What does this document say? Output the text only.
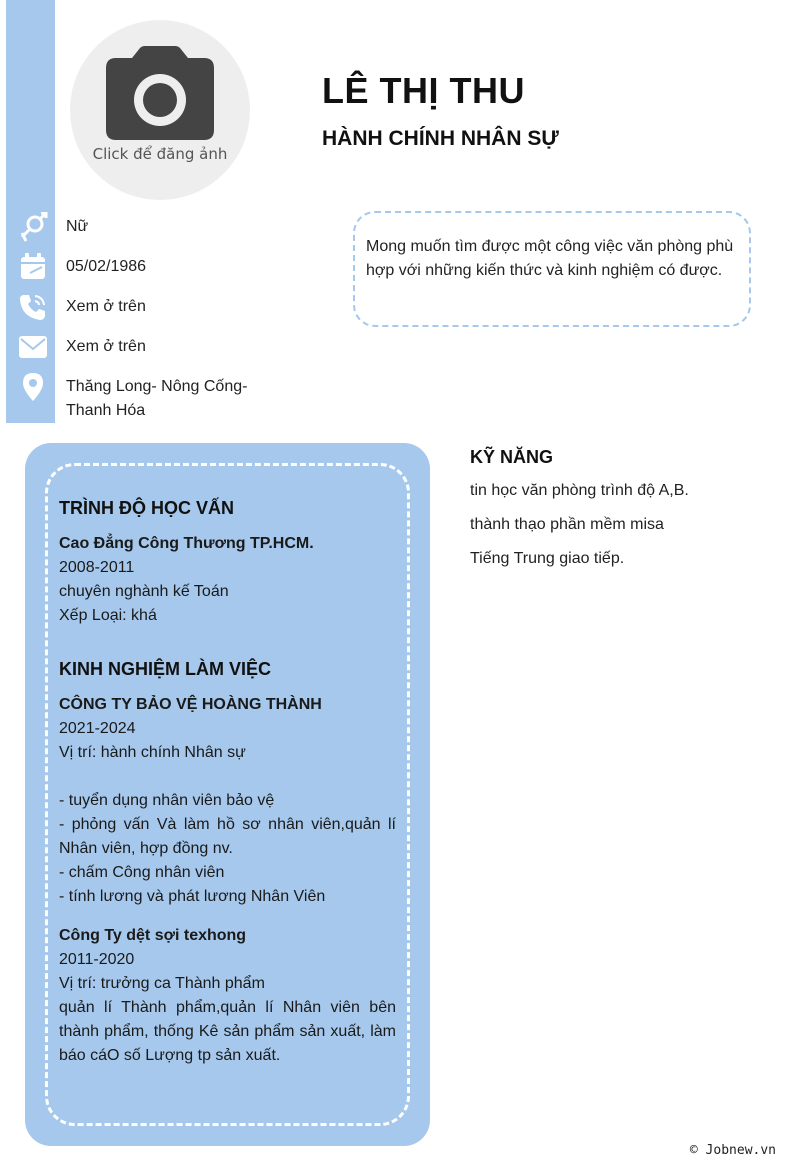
Click để đăng ảnh
LÊ THỊ THU
HÀNH CHÍNH NHÂN SỰ
Nữ
05/02/1986
Xem ở trên
Xem ở trên
Thăng Long- Nông Cống-
Thanh Hóa
Mong muốn tìm được một công việc văn phòng phù hợp với những kiến thức và kinh nghiệm có được.
TRÌNH ĐỘ HỌC VẤN
Cao Đẳng Công Thương TP.HCM.
2008-2011
chuyên nghành kế Toán
Xếp Loại: khá
KINH NGHIỆM LÀM VIỆC
CÔNG TY BẢO VỆ HOÀNG THÀNH
2021-2024
Vị trí: hành chính Nhân sự
- tuyển dụng nhân viên bảo vệ
- phỏng vấn Và làm hồ sơ nhân viên,quản lí Nhân viên, hợp đồng nv.
- chấm Công nhân viên
- tính lương và phát lương Nhân Viên
Công Ty dệt sợi texhong
2011-2020
Vị trí: trưởng ca Thành phẩm
quản lí Thành phẩm,quản lí Nhân viên bên thành phẩm, thống Kê sản phẩm sản xuất, làm báo cáO số Lượng tp sản xuất.
KỸ NĂNG
tin học văn phòng trình độ A,B.
thành thạo phần mềm misa
Tiếng Trung giao tiếp.
© Jobnew.vn
